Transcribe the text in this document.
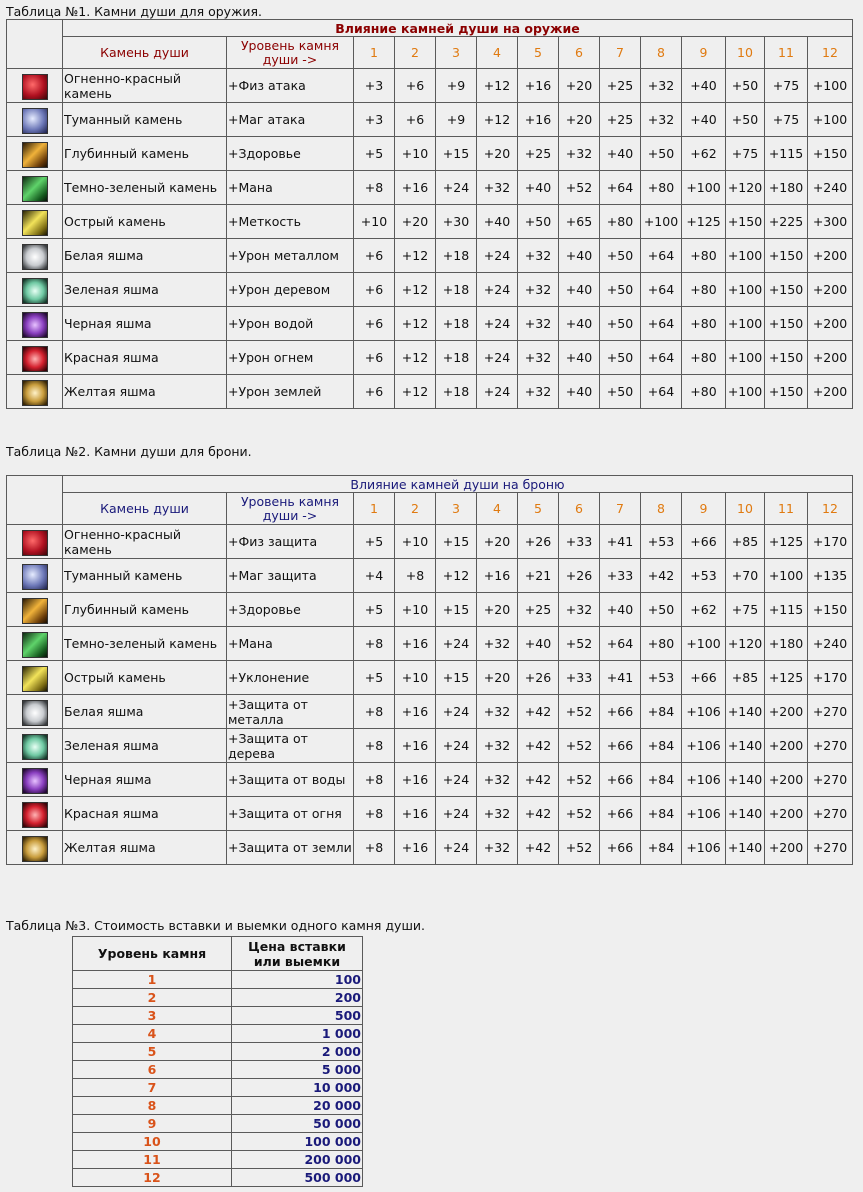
Таблица №1. Камни души для оружия.
	Влияние камней души на оружие													
	Камень души	Уровень камня души ->	1	2	3	4	5	6	7	8	9	10	11	12
	Огненно-красный камень	+Физ атака	+3	+6	+9	+12	+16	+20	+25	+32	+40	+50	+75	+100
	Туманный камень	+Маг атака	+3	+6	+9	+12	+16	+20	+25	+32	+40	+50	+75	+100
	Глубинный камень	+Здоровье	+5	+10	+15	+20	+25	+32	+40	+50	+62	+75	+115	+150
	Темно-зеленый камень	+Мана	+8	+16	+24	+32	+40	+52	+64	+80	+100	+120	+180	+240
	Острый камень	+Меткость	+10	+20	+30	+40	+50	+65	+80	+100	+125	+150	+225	+300
	Белая яшма	+Урон металлом	+6	+12	+18	+24	+32	+40	+50	+64	+80	+100	+150	+200
	Зеленая яшма	+Урон деревом	+6	+12	+18	+24	+32	+40	+50	+64	+80	+100	+150	+200
	Черная яшма	+Урон водой	+6	+12	+18	+24	+32	+40	+50	+64	+80	+100	+150	+200
	Красная яшма	+Урон огнем	+6	+12	+18	+24	+32	+40	+50	+64	+80	+100	+150	+200
	Желтая яшма	+Урон землей	+6	+12	+18	+24	+32	+40	+50	+64	+80	+100	+150	+200
Таблица №2. Камни души для брони.
	Влияние камней души на броню													
	Камень души	Уровень камня души ->	1	2	3	4	5	6	7	8	9	10	11	12
	Огненно-красный камень	+Физ защита	+5	+10	+15	+20	+26	+33	+41	+53	+66	+85	+125	+170
	Туманный камень	+Маг защита	+4	+8	+12	+16	+21	+26	+33	+42	+53	+70	+100	+135
	Глубинный камень	+Здоровье	+5	+10	+15	+20	+25	+32	+40	+50	+62	+75	+115	+150
	Темно-зеленый камень	+Мана	+8	+16	+24	+32	+40	+52	+64	+80	+100	+120	+180	+240
	Острый камень	+Уклонение	+5	+10	+15	+20	+26	+33	+41	+53	+66	+85	+125	+170
	Белая яшма	+Защита от металла	+8	+16	+24	+32	+42	+52	+66	+84	+106	+140	+200	+270
	Зеленая яшма	+Защита от дерева	+8	+16	+24	+32	+42	+52	+66	+84	+106	+140	+200	+270
	Черная яшма	+Защита от воды	+8	+16	+24	+32	+42	+52	+66	+84	+106	+140	+200	+270
	Красная яшма	+Защита от огня	+8	+16	+24	+32	+42	+52	+66	+84	+106	+140	+200	+270
	Желтая яшма	+Защита от земли	+8	+16	+24	+32	+42	+52	+66	+84	+106	+140	+200	+270
Таблица №3. Стоимость вставки и выемки одного камня души.
Уровень камня	Цена вставки или выемки
1	100
2	200
3	500
4	1 000
5	2 000
6	5 000
7	10 000
8	20 000
9	50 000
10	100 000
11	200 000
12	500 000
